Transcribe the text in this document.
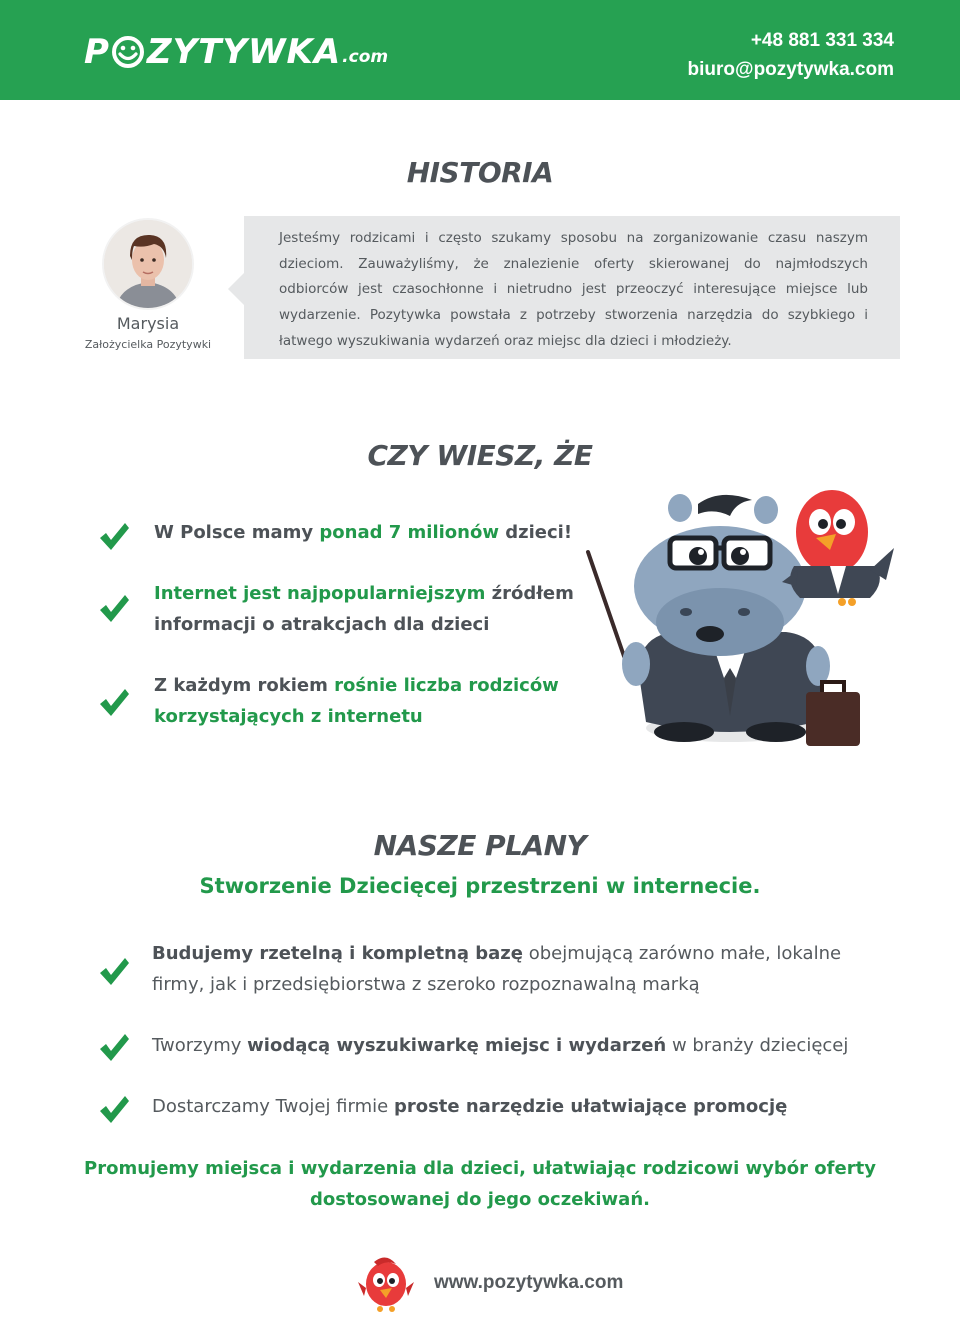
P ZYTYWKA .com
+48 881 331 334
biuro@pozytywka.com
HISTORIA
Marysia
Założycielka Pozytywki
Jesteśmy rodzicami i często szukamy sposobu na zorganizowanie czasu naszym dzieciom. Zauważyliśmy, że znalezienie oferty skierowanej do najmłodszych odbiorców jest czasochłonne i nietrudno jest przeoczyć interesujące miejsce lub wydarzenie. Pozytywka powstała z potrzeby stworzenia narzędzia do szybkiego i łatwego wyszukiwania wydarzeń oraz miejsc dla dzieci i młodzieży.
CZY WIESZ, ŻE
W Polsce mamy ponad 7 milionów dzieci!
Internet jest najpopularniejszym źródłem informacji o atrakcjach dla dzieci
Z każdym rokiem rośnie liczba rodziców korzystających z internetu
NASZE PLANY
Stworzenie Dziecięcej przestrzeni w internecie.
Budujemy rzetelną i kompletną bazę obejmującą zarówno małe, lokalne firmy, jak i przedsiębiorstwa z szeroko rozpoznawalną marką
Tworzymy wiodącą wyszukiwarkę miejsc i wydarzeń w branży dziecięcej
Dostarczamy Twojej firmie proste narzędzie ułatwiające promocję
Promujemy miejsca i wydarzenia dla dzieci, ułatwiając rodzicowi wybór oferty dostosowanej do jego oczekiwań.
www.pozytywka.com
